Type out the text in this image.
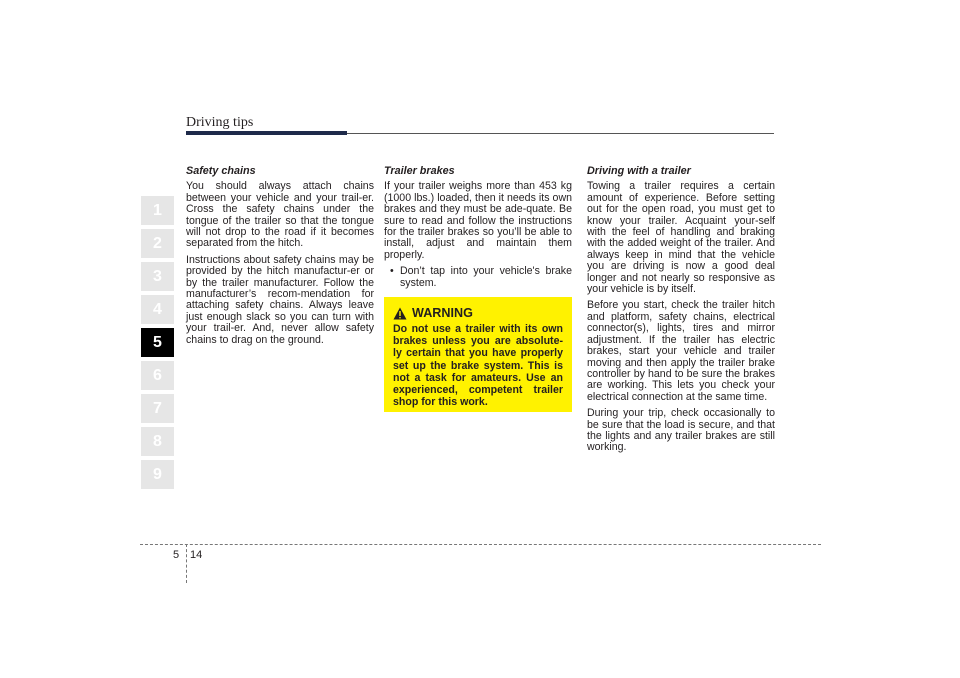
Driving tips
1
2
3
4
5
6
7
8
9
Safety chains

You should always attach chains between your vehicle and your trail-er. Cross the safety chains under the tongue of the trailer so that the tongue will not drop to the road if it becomes separated from the hitch.

Instructions about safety chains may be provided by the hitch manufactur-er or by the trailer manufacturer. Follow the manufacturer’s recom-mendation for attaching safety chains. Always leave just enough slack so you can turn with your trail-er. And, never allow safety chains to drag on the ground.

Trailer brakes

If your trailer weighs more than 453 kg (1000 lbs.) loaded, then it needs its own brakes and they must be ade-quate. Be sure to read and follow the instructions for the trailer brakes so you’ll be able to install, adjust and maintain them properly.

• Don’t tap into your vehicle's brake system.
WARNING

Do not use a trailer with its own brakes unless you are absolute-ly certain that you have properly set up the brake system. This is not a task for amateurs. Use an experienced, competent trailer shop for this work.

Driving with a trailer

Towing a trailer requires a certain amount of experience. Before setting out for the open road, you must get to know your trailer. Acquaint your-self with the feel of handling and braking with the added weight of the trailer. And always keep in mind that the vehicle you are driving is now a good deal longer and not nearly so responsive as your vehicle is by itself.

Before you start, check the trailer hitch and platform, safety chains, electrical connector(s), lights, tires and mirror adjustment. If the trailer has electric brakes, start your vehicle and trailer moving and then apply the trailer brake controller by hand to be sure the brakes are working. This lets you check your electrical connection at the same time.

During your trip, check occasionally to be sure that the load is secure, and that the lights and any trailer brakes are still working.

5 14
